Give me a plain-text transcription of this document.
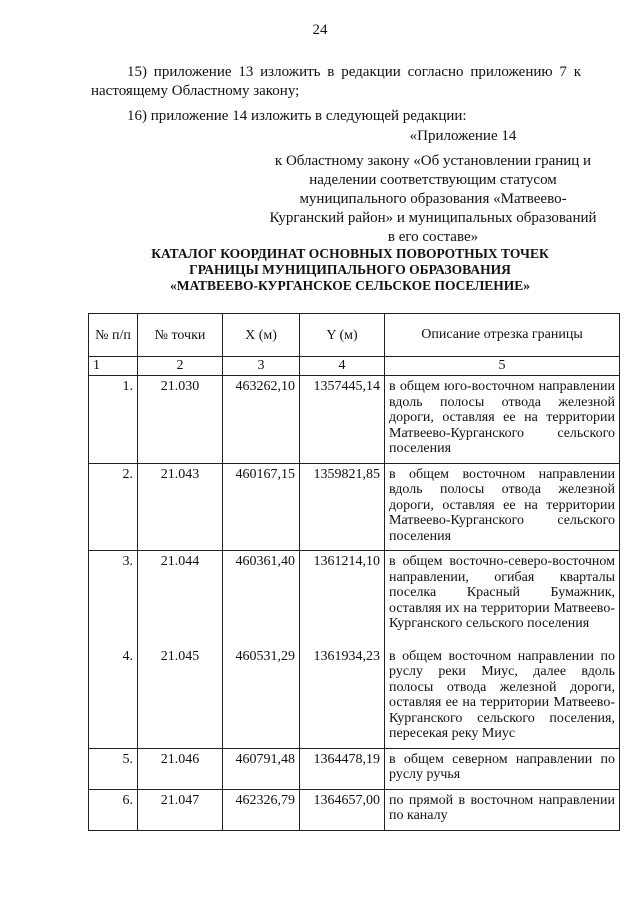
24
15) приложение 13 изложить в редакции согласно приложению 7 к настоящему Областному закону;
16) приложение 14 изложить в следующей редакции:
«Приложение 14
к Областному закону «Об установлении границ и наделении соответствующим статусом муниципального образования «Матвеево-Курганский район» и муниципальных образований в его составе»
КАТАЛОГ КООРДИНАТ ОСНОВНЫХ ПОВОРОТНЫХ ТОЧЕК
ГРАНИЦЫ МУНИЦИПАЛЬНОГО ОБРАЗОВАНИЯ
«МАТВЕЕВО-КУРГАНСКОЕ СЕЛЬСКОЕ ПОСЕЛЕНИЕ»
№ п/п	№ точки	X (м)	Y (м)	Описание отрезка границы
1	2	3	4	5
1.	21.030	463262,10	1357445,14	в общем юго-восточном направлении вдоль полосы отвода железной дороги, оставляя ее на территории Матвеево-Курганского сельского поселения
2.	21.043	460167,15	1359821,85	в общем восточном направлении вдоль полосы отвода железной дороги, оставляя ее на территории Матвеево-Курганского сельского поселения
3.	21.044	460361,40	1361214,10	в общем восточно-северо-восточном направлении, огибая кварталы поселка Красный Бумажник, оставляя их на территории Матвеево-Курганского сельского поселения
4.	21.045	460531,29	1361934,23	в общем восточном направлении по руслу реки Миус, далее вдоль полосы отвода железной дороги, оставляя ее на территории Матвеево-Курганского сельского поселения, пересекая реку Миус
5.	21.046	460791,48	1364478,19	в общем северном направлении по руслу ручья
6.	21.047	462326,79	1364657,00	по прямой в восточном направлении по каналу
